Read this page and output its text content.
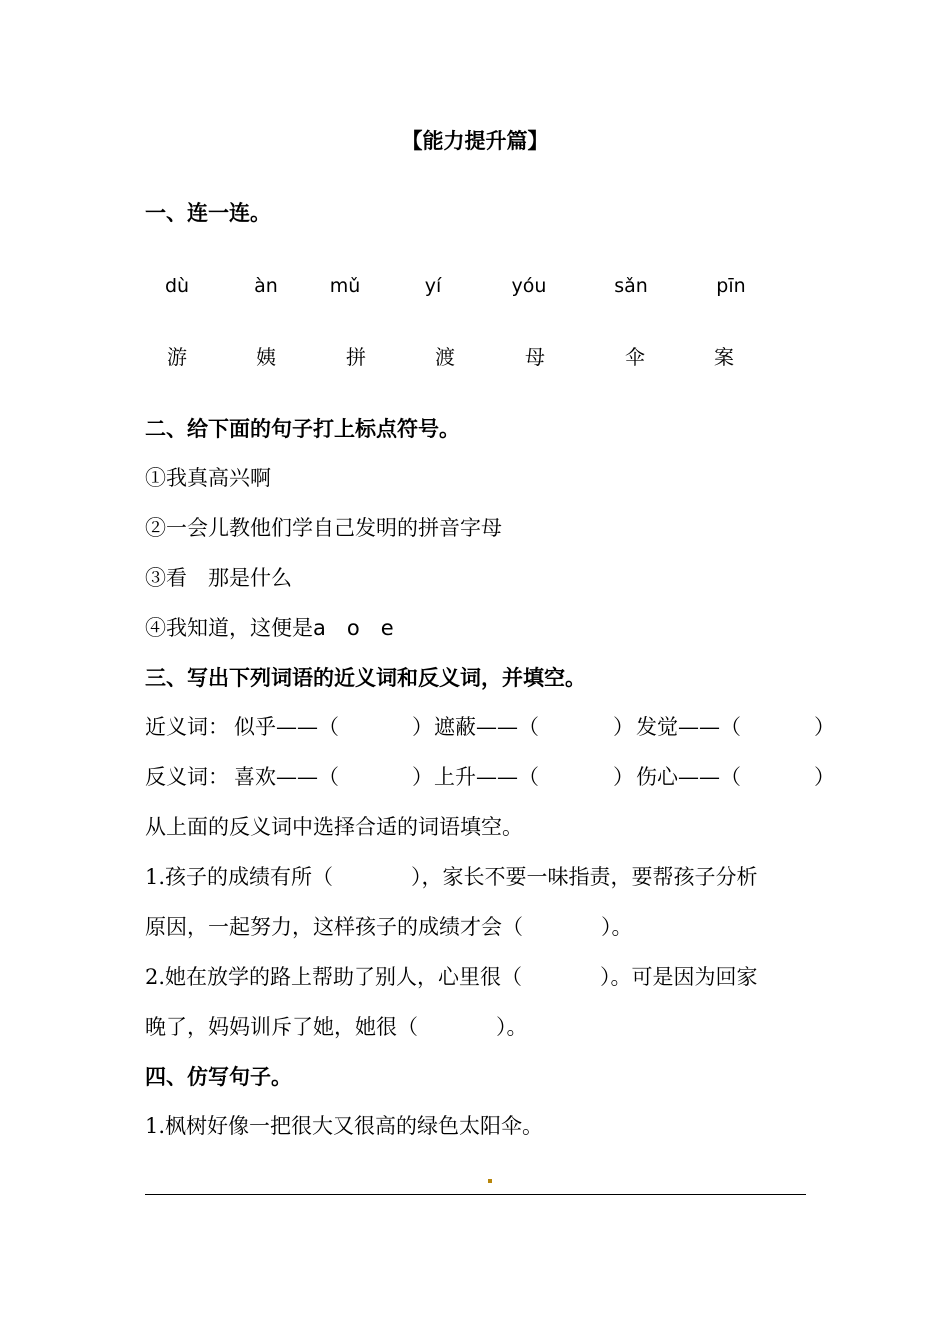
【能力提升篇】
一、连一连。
dù	àn	mǔ	yí	yóu	sǎn	pīn
游	姨	拼	渡	母	伞	案
二、给下面的句子打上标点符号。
①我真高兴啊
②一会儿教他们学自己发明的拼音字母
③看　那是什么
④我知道，这便是a　o　e
三、写出下列词语的近义词和反义词，并填空。
近义词： 似乎——（	） 遮蔽——（	） 发觉——（	）
反义词： 喜欢——（	） 上升——（	） 伤心——（	）
从上面的反义词中选择合适的词语填空。
1.孩子的成绩有所（	），家长不要一味指责，要帮孩子分析
原因，一起努力，这样孩子的成绩才会（	）。
2.她在放学的路上帮助了别人，心里很（	）。可是因为回家
晚了，妈妈训斥了她，她很（	）。
四、仿写句子。
1.枫树好像一把很大又很高的绿色太阳伞。
